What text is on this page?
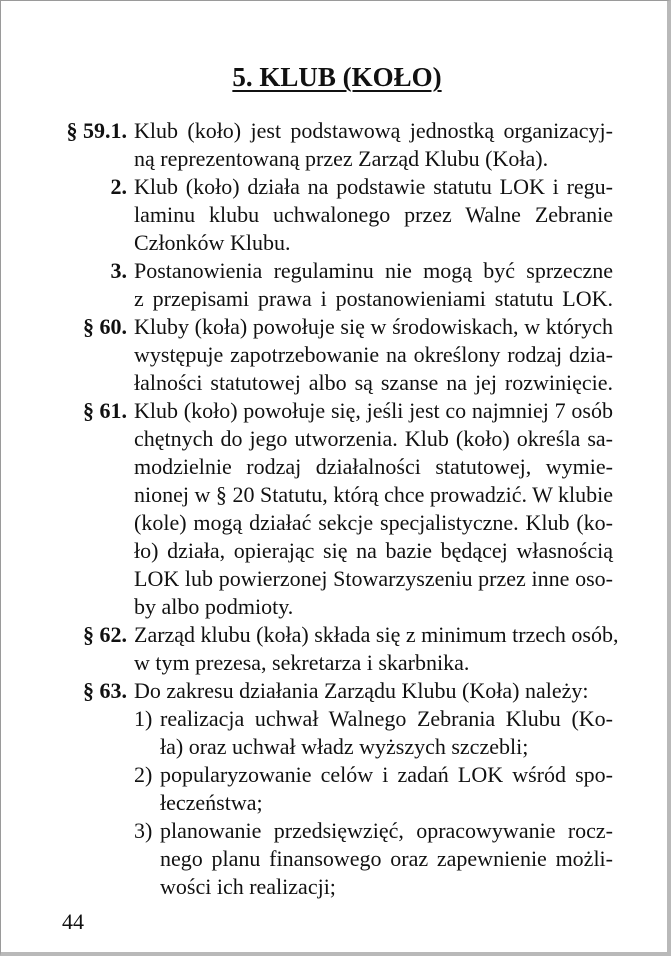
5. KLUB (KOŁO)
§ 59.1. Klub (koło) jest podstawową jednostką organizacyj-
ną reprezentowaną przez Zarząd Klubu (Koła).
2. Klub (koło) działa na podstawie statutu LOK i regu-
laminu klubu uchwalonego przez Walne Zebranie
Członków Klubu.
3. Postanowienia regulaminu nie mogą być sprzeczne
z przepisami prawa i postanowieniami statutu LOK.
§ 60. Kluby (koła) powołuje się w środowiskach, w których
występuje zapotrzebowanie na określony rodzaj dzia-
łalności statutowej albo są szanse na jej rozwinięcie.
§ 61. Klub (koło) powołuje się, jeśli jest co najmniej 7 osób
chętnych do jego utworzenia. Klub (koło) określa sa-
modzielnie rodzaj działalności statutowej, wymie-
nionej w § 20 Statutu, którą chce prowadzić. W klubie
(kole) mogą działać sekcje specjalistyczne. Klub (ko-
ło) działa, opierając się na bazie będącej własnością
LOK lub powierzonej Stowarzyszeniu przez inne oso-
by albo podmioty.
§ 62. Zarząd klubu (koła) składa się z minimum trzech osób,
w tym prezesa, sekretarza i skarbnika.
§ 63. Do zakresu działania Zarządu Klubu (Koła) należy:
1) realizacja uchwał Walnego Zebrania Klubu (Ko-
ła) oraz uchwał władz wyższych szczebli;
2) popularyzowanie celów i zadań LOK wśród spo-
łeczeństwa;
3) planowanie przedsięwzięć, opracowywanie rocz-
nego planu finansowego oraz zapewnienie możli-
wości ich realizacji;
44
